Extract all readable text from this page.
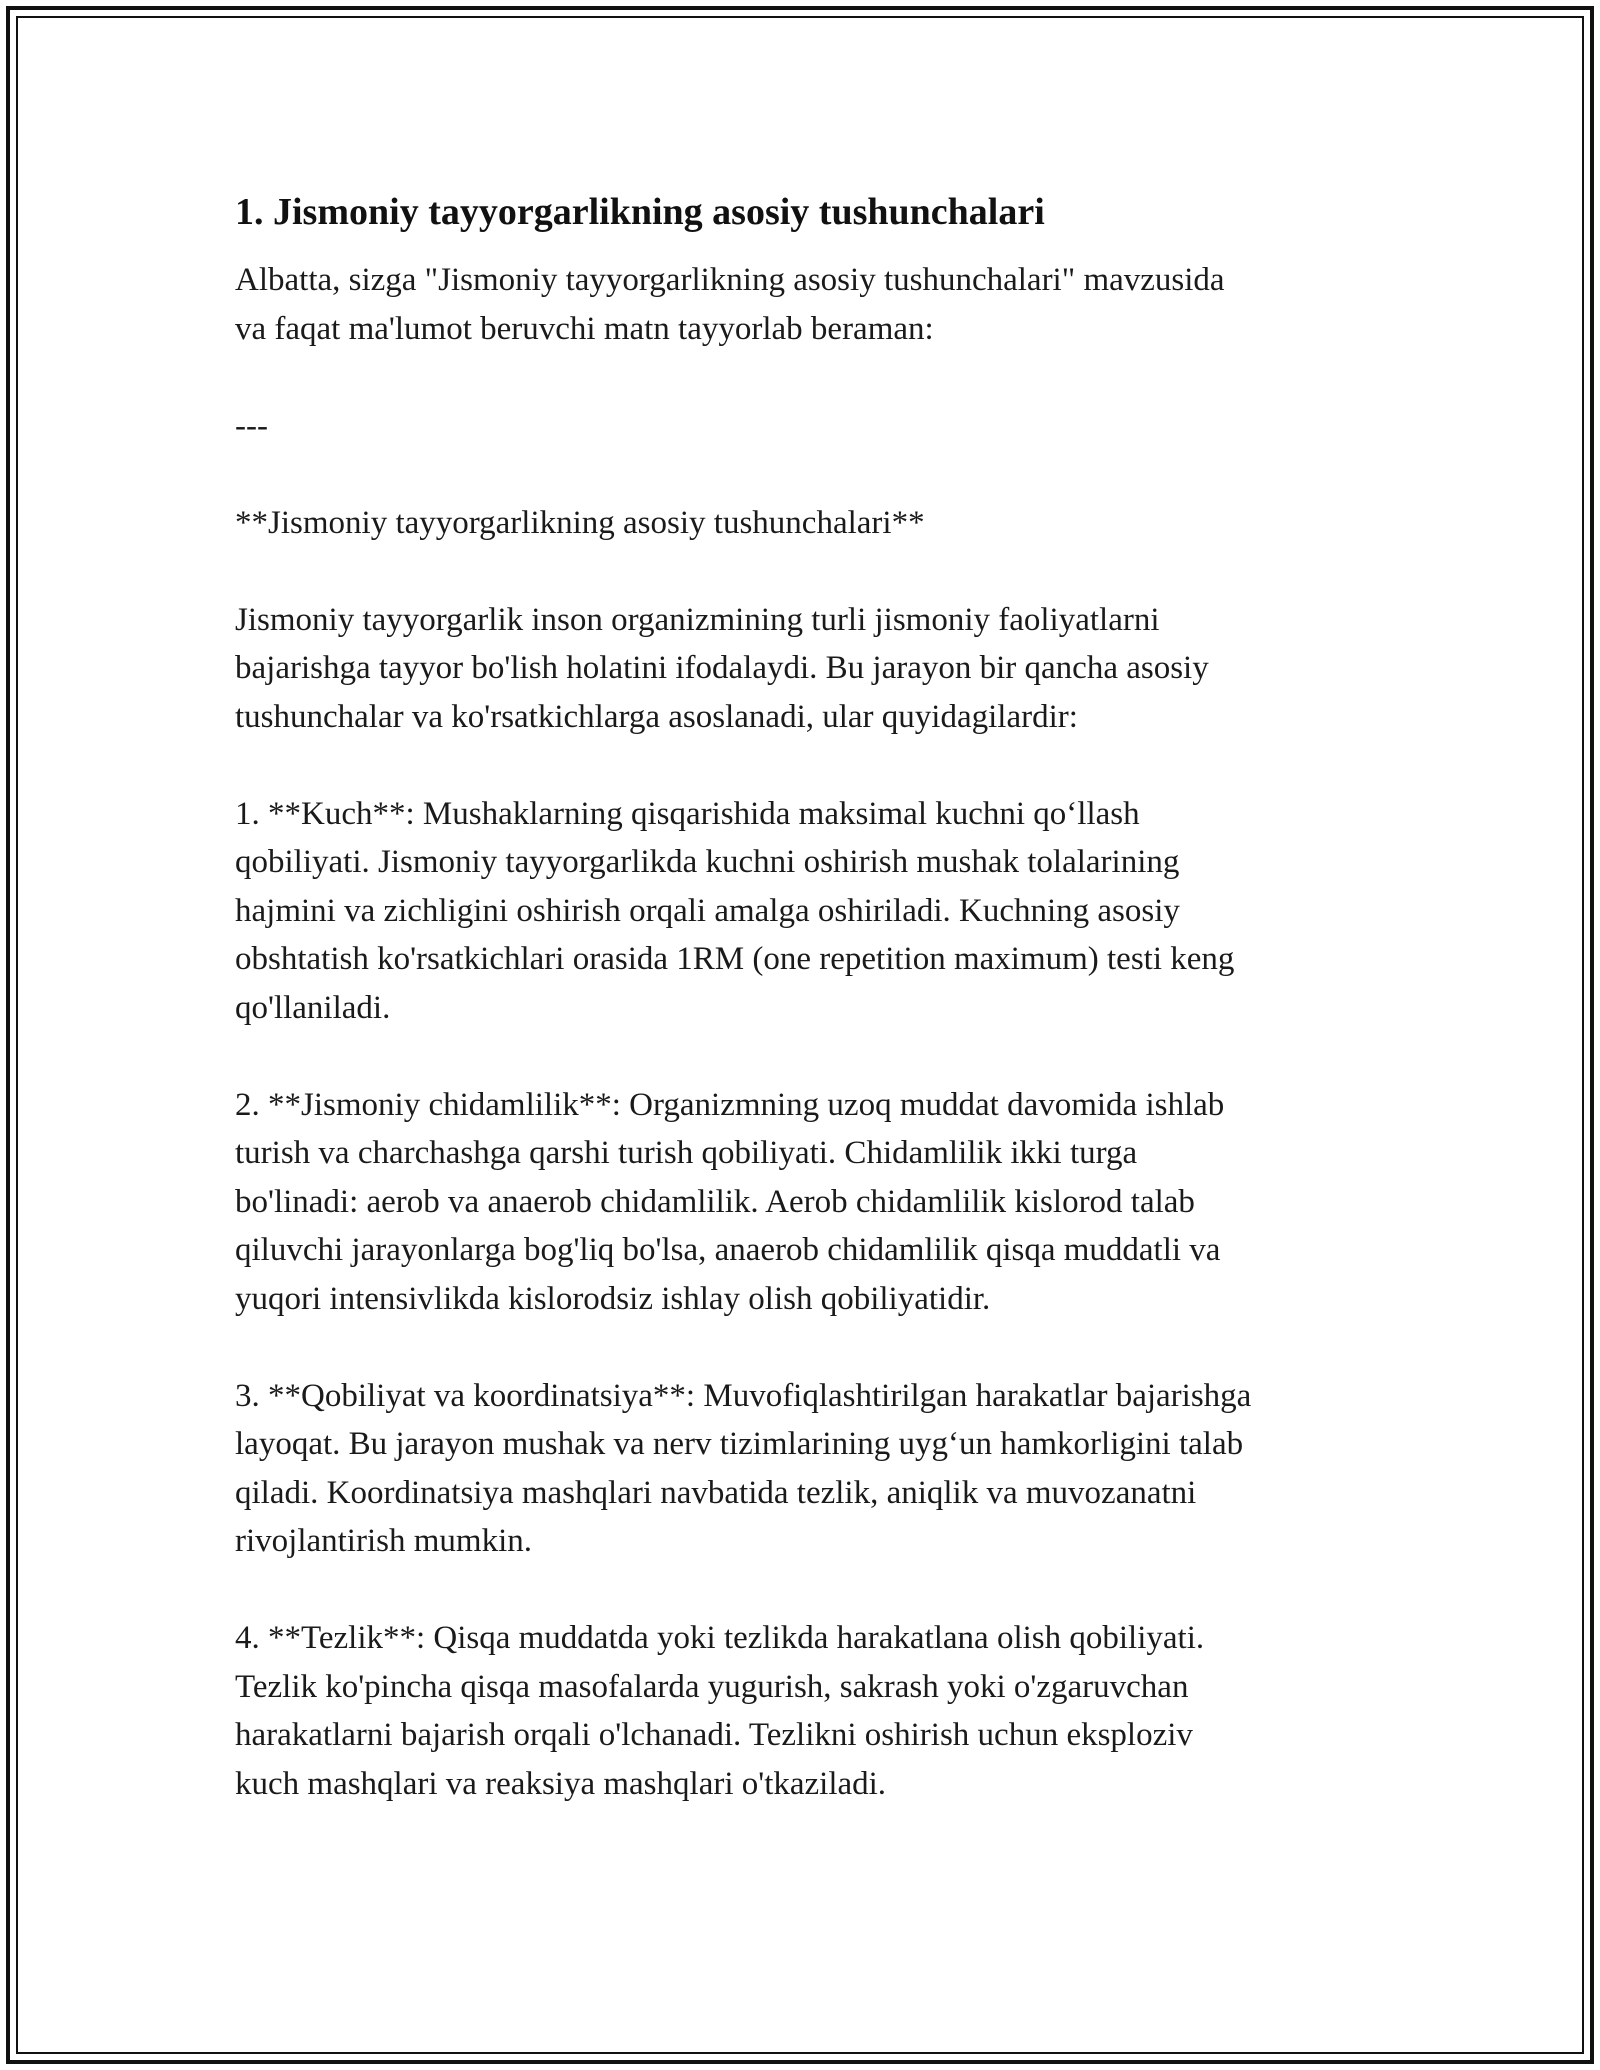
1. Jismoniy tayyorgarlikning asosiy tushunchalari

Albatta, sizga "Jismoniy tayyorgarlikning asosiy tushunchalari" mavzusida
va faqat ma'lumot beruvchi matn tayyorlab beraman:

---

**Jismoniy tayyorgarlikning asosiy tushunchalari**

Jismoniy tayyorgarlik inson organizmining turli jismoniy faoliyatlarni
bajarishga tayyor bo'lish holatini ifodalaydi. Bu jarayon bir qancha asosiy
tushunchalar va ko'rsatkichlarga asoslanadi, ular quyidagilardir:

1. **Kuch**: Mushaklarning qisqarishida maksimal kuchni qo‘llash
qobiliyati. Jismoniy tayyorgarlikda kuchni oshirish mushak tolalarining
hajmini va zichligini oshirish orqali amalga oshiriladi. Kuchning asosiy
obshtatish ko'rsatkichlari orasida 1RM (one repetition maximum) testi keng
qo'llaniladi.

2. **Jismoniy chidamlilik**: Organizmning uzoq muddat davomida ishlab
turish va charchashga qarshi turish qobiliyati. Chidamlilik ikki turga
bo'linadi: aerob va anaerob chidamlilik. Aerob chidamlilik kislorod talab
qiluvchi jarayonlarga bog'liq bo'lsa, anaerob chidamlilik qisqa muddatli va
yuqori intensivlikda kislorodsiz ishlay olish qobiliyatidir.

3. **Qobiliyat va koordinatsiya**: Muvofiqlashtirilgan harakatlar bajarishga
layoqat. Bu jarayon mushak va nerv tizimlarining uyg‘un hamkorligini talab
qiladi. Koordinatsiya mashqlari navbatida tezlik, aniqlik va muvozanatni
rivojlantirish mumkin.

4. **Tezlik**: Qisqa muddatda yoki tezlikda harakatlana olish qobiliyati.
Tezlik ko'pincha qisqa masofalarda yugurish, sakrash yoki o'zgaruvchan
harakatlarni bajarish orqali o'lchanadi. Tezlikni oshirish uchun eksploziv
kuch mashqlari va reaksiya mashqlari o'tkaziladi.
